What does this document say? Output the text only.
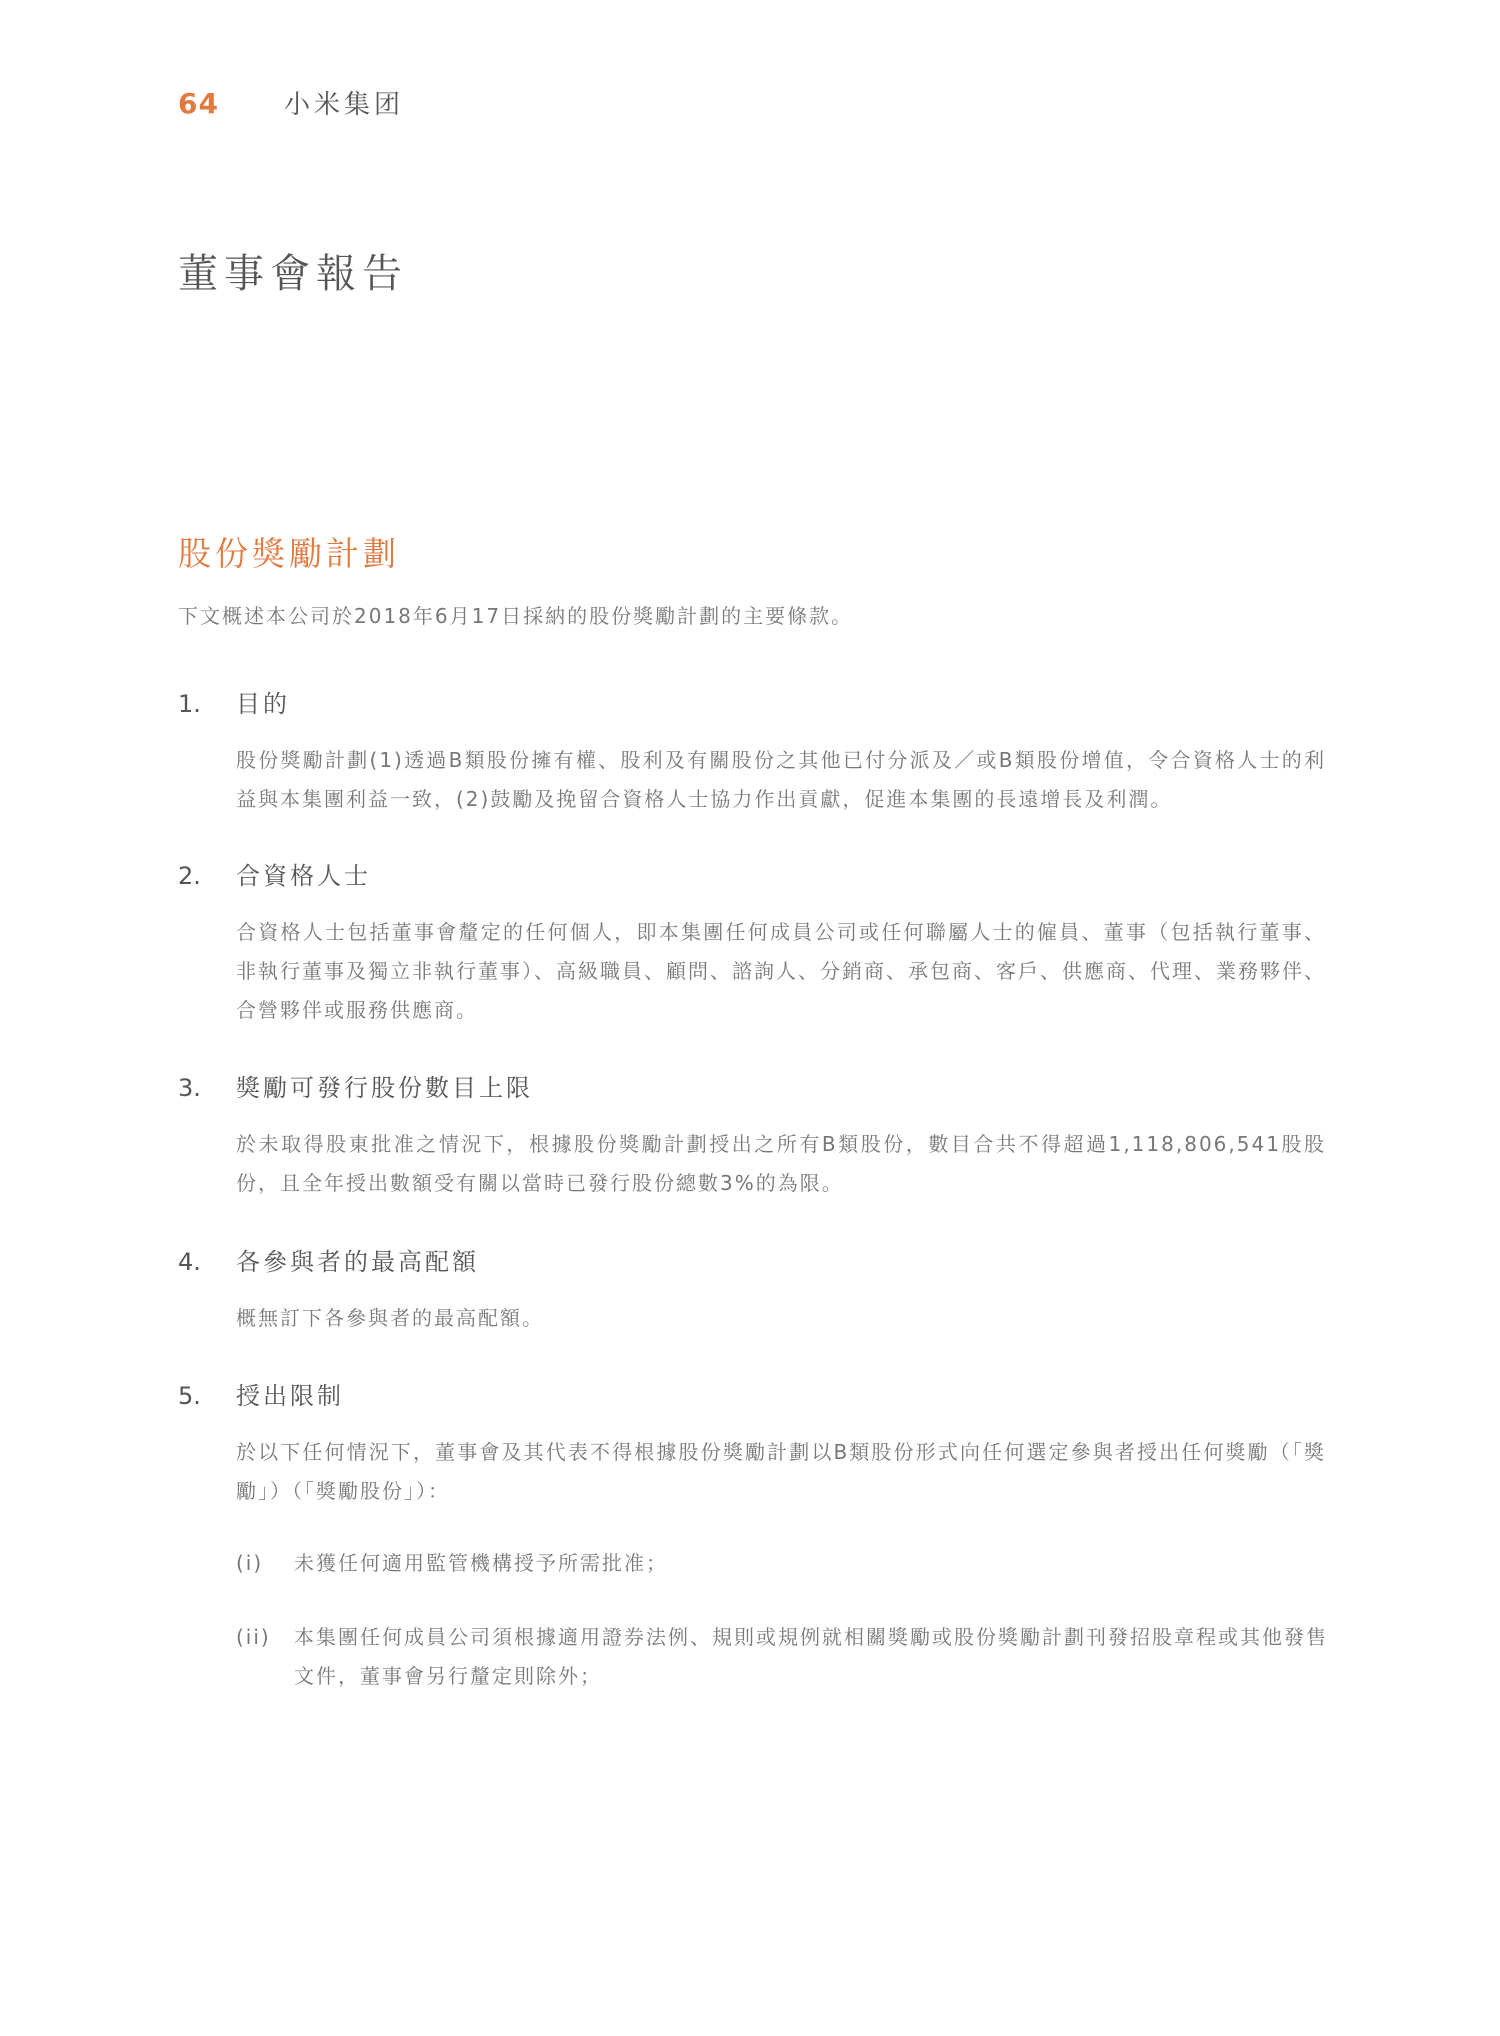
64	小米集团
董事會報告
股份獎勵計劃

下文概述本公司於2018年6月17日採納的股份獎勵計劃的主要條款。

1.	目的
股份獎勵計劃(1)透過B類股份擁有權、股利及有關股份之其他已付分派及／或B類股份增值，令合資格人士的利益與本集團利益一致，(2)鼓勵及挽留合資格人士協力作出貢獻，促進本集團的長遠增長及利潤。
2.	合資格人士
合資格人士包括董事會釐定的任何個人，即本集團任何成員公司或任何聯屬人士的僱員、董事（包括執行董事、非執行董事及獨立非執行董事）、高級職員、顧問、諮詢人、分銷商、承包商、客戶、供應商、代理、業務夥伴、合營夥伴或服務供應商。
3.	獎勵可發行股份數目上限
於未取得股東批准之情況下，根據股份獎勵計劃授出之所有B類股份，數目合共不得超過1,118,806,541股股份，且全年授出數額受有關以當時已發行股份總數3%的為限。
4.	各參與者的最高配額
概無訂下各參與者的最高配額。
5.	授出限制
於以下任何情況下，董事會及其代表不得根據股份獎勵計劃以B類股份形式向任何選定參與者授出任何獎勵（「獎勵」）（「獎勵股份」）：
(i)	未獲任何適用監管機構授予所需批准；
(ii)	本集團任何成員公司須根據適用證券法例、規則或規例就相關獎勵或股份獎勵計劃刊發招股章程或其他發售文件，董事會另行釐定則除外；
